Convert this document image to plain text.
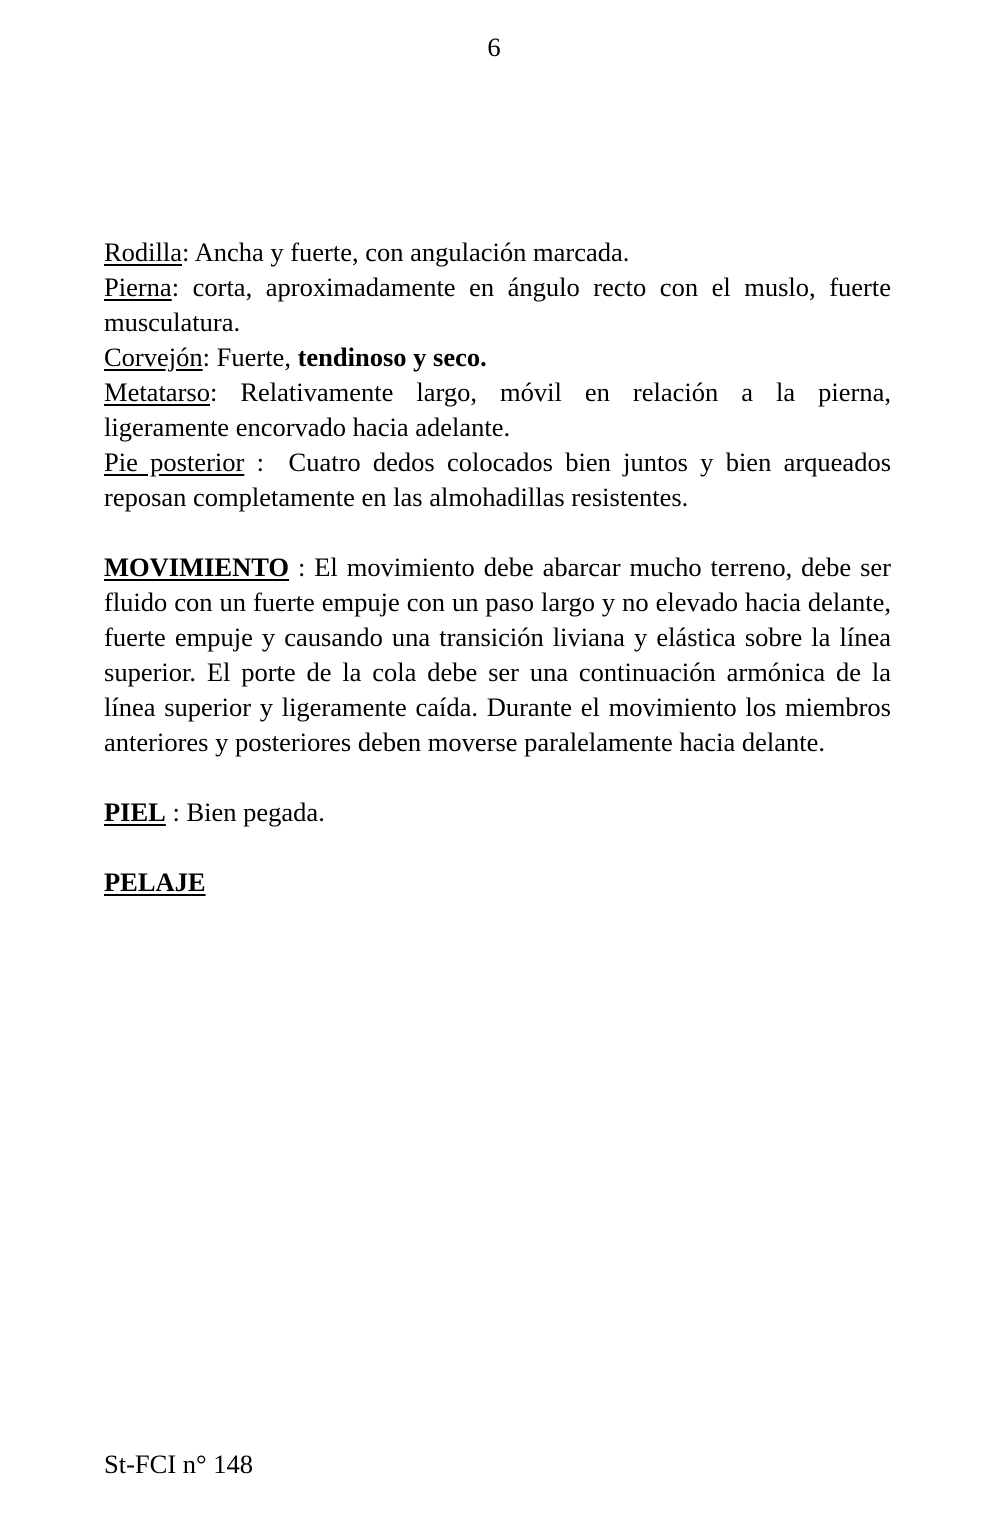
6

Rodilla: Ancha y fuerte, con angulación marcada.

Pierna: corta, aproximadamente en ángulo recto con el muslo, fuerte musculatura.

Corvejón: Fuerte, tendinoso y seco.

Metatarso: Relativamente largo, móvil en relación a la pierna, ligeramente encorvado hacia adelante.

Pie posterior :  Cuatro dedos colocados bien juntos y bien arqueados reposan completamente en las almohadillas resistentes.

MOVIMIENTO : El movimiento debe abarcar mucho terreno, debe ser fluido con un fuerte empuje con un paso largo y no elevado hacia delante, fuerte empuje y causando una transición liviana y elástica sobre la línea superior. El porte de la cola debe ser una continuación armónica de la línea superior y ligeramente caída. Durante el movimiento los miembros anteriores y posteriores deben moverse paralelamente hacia delante.

PIEL : Bien pegada.

PELAJE

St-FCI n° 148
